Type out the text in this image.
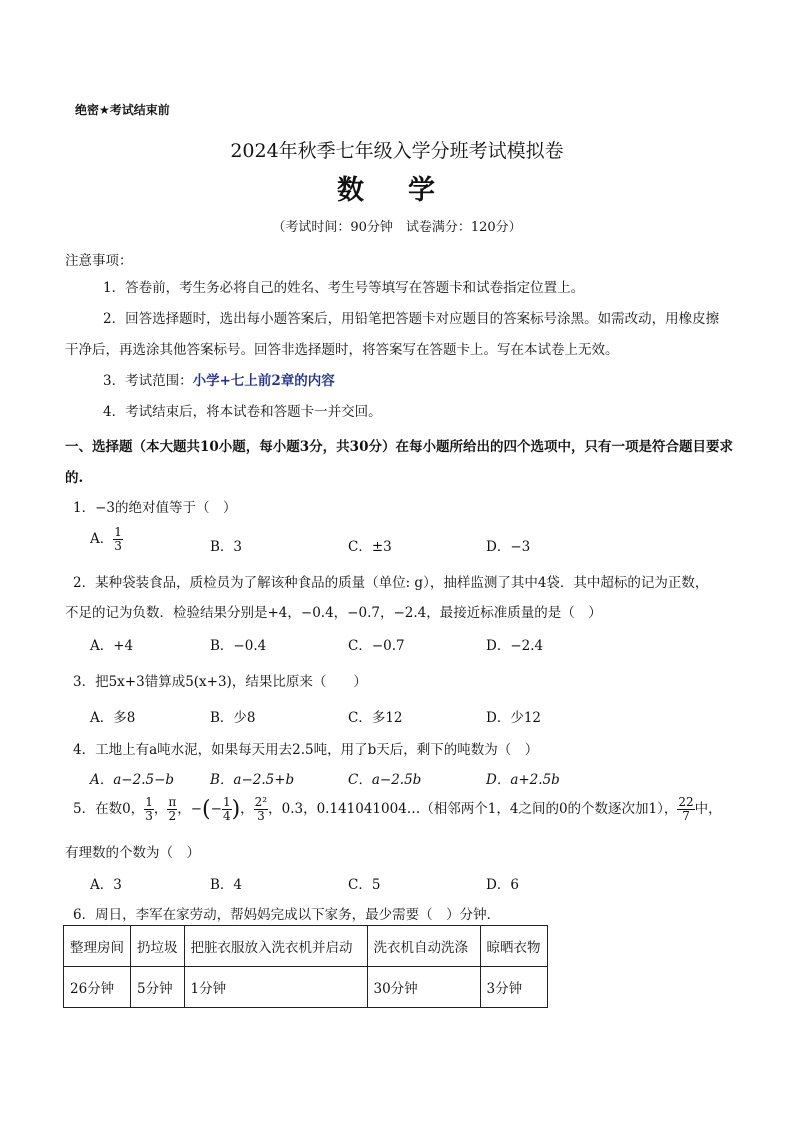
绝密★考试结束前
2024年秋季七年级入学分班考试模拟卷
数学
（考试时间：90分钟　试卷满分：120分）
注意事项：
1．答卷前，考生务必将自己的姓名、考生号等填写在答题卡和试卷指定位置上。
2．回答选择题时，选出每小题答案后，用铅笔把答题卡对应题目的答案标号涂黑。如需改动，用橡皮擦干净后，再选涂其他答案标号。回答非选择题时，将答案写在答题卡上。写在本试卷上无效。
3．考试范围：小学+七上前2章的内容
4．考试结束后，将本试卷和答题卡一并交回。
一、选择题（本大题共10小题，每小题3分，共30分）在每小题所给出的四个选项中，只有一项是符合题目要求的.
1．−3的绝对值等于（　）
A． $\frac{1}{3}$	B．3	C．±3	D．−3
2．某种袋装食品，质检员为了解该种食品的质量（单位: g），抽样监测了其中4袋．其中超标的记为正数，
不足的记为负数．检验结果分别是+4，−0.4，−0.7，−2.4，最接近标准质量的是（　）
A．+4	B．−0.4	C．−0.7	D．−2.4
3．把5x+3错算成5(x+3)，结果比原来（　　）
A．多8	B．少8	C．多12	D．少12
4．工地上有a吨水泥，如果每天用去2.5吨，用了b天后，剩下的吨数为（　）
A．a−2.5−b	B．a−2.5+b	C．a−2.5b	D．a+2.5b
5．在数0， $\frac{1}{3}$ ， $\frac{\pi}{2}$ ，−(− $\frac{1}{4}$ )， $\frac{\text{2²}}{3}$ ，0.3，0.141041004…（相邻两个1，4之间的0的个数逐次加1）， $\frac{22}{7}$ 中，
有理数的个数为（　）
A．3	B．4	C．5	D．6
6．周日，李军在家劳动，帮妈妈完成以下家务，最少需要（　）分钟．
整理房间	扔垃圾	把脏衣服放入洗衣机并启动	洗衣机自动洗涤	晾晒衣物
26分钟	5分钟	1分钟	30分钟	3分钟
